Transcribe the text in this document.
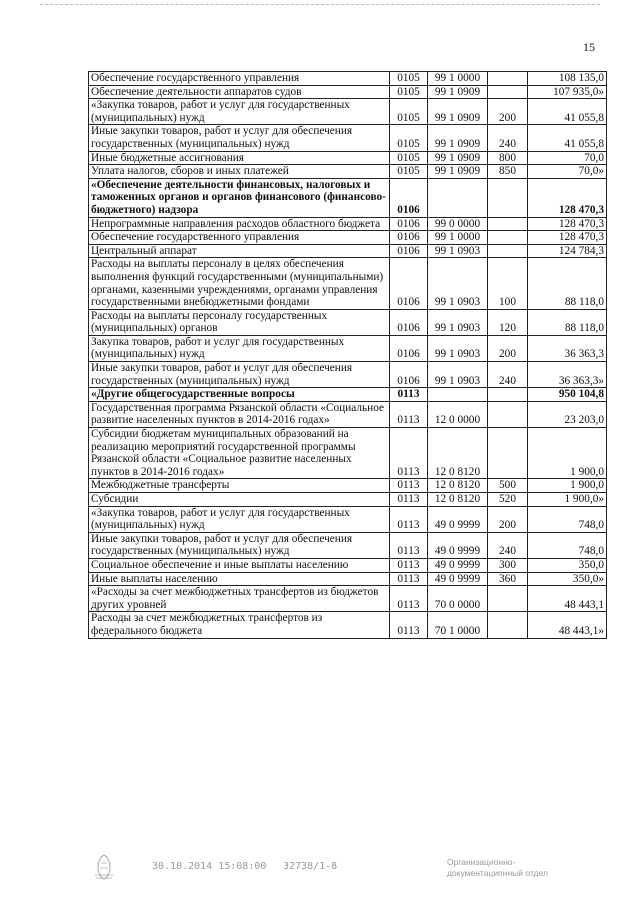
15
Обеспечение государственного управления	0105	99 1 0000		108 135,0
Обеспечение деятельности аппаратов судов	0105	99 1 0909		107 935,0»
«Закупка товаров, работ и услуг для государственных (муниципальных) нужд	0105	99 1 0909	200	41 055,8
Иные закупки товаров, работ и услуг для обеспечения государственных (муниципальных) нужд	0105	99 1 0909	240	41 055,8
Иные бюджетные ассигнования	0105	99 1 0909	800	70,0
Уплата налогов, сборов и иных платежей	0105	99 1 0909	850	70,0»
«Обеспечение деятельности финансовых, налоговых и таможенных органов и органов финансового (финансово-бюджетного) надзора	0106			128 470,3
Непрограммные направления расходов областного бюджета	0106	99 0 0000		128 470,3
Обеспечение государственного управления	0106	99 1 0000		128 470,3
Центральный аппарат	0106	99 1 0903		124 784,3
Расходы на выплаты персоналу в целях обеспечения выполнения функций государственными (муниципальными) органами, казенными учреждениями, органами управления государственными внебюджетными фондами	0106	99 1 0903	100	88 118,0
Расходы на выплаты персоналу государственных (муниципальных) органов	0106	99 1 0903	120	88 118,0
Закупка товаров, работ и услуг для государственных (муниципальных) нужд	0106	99 1 0903	200	36 363,3
Иные закупки товаров, работ и услуг для обеспечения государственных (муниципальных) нужд	0106	99 1 0903	240	36 363,3»
«Другие общегосударственные вопросы	0113			950 104,8
Государственная программа Рязанской области «Социальное развитие населенных пунктов в 2014-2016 годах»	0113	12 0 0000		23 203,0
Субсидии бюджетам муниципальных образований на реализацию мероприятий государственной программы Рязанской области «Социальное развитие населенных пунктов в 2014-2016 годах»	0113	12 0 8120		1 900,0
Межбюджетные трансферты	0113	12 0 8120	500	1 900,0
Субсидии	0113	12 0 8120	520	1 900,0»
«Закупка товаров, работ и услуг для государственных (муниципальных) нужд	0113	49 0 9999	200	748,0
Иные закупки товаров, работ и услуг для обеспечения государственных (муниципальных) нужд	0113	49 0 9999	240	748,0
Социальное обеспечение и иные выплаты населению	0113	49 0 9999	300	350,0
Иные выплаты населению	0113	49 0 9999	360	350,0»
«Расходы за счет межбюджетных трансфертов из бюджетов других уровней	0113	70 0 0000		48 443,1
Расходы за счет межбюджетных трансфертов из федерального бюджета	0113	70 1 0000		48 443,1»
30.10.2014 15:08:00 32738/1-8	Организационно-
документационный отдел
